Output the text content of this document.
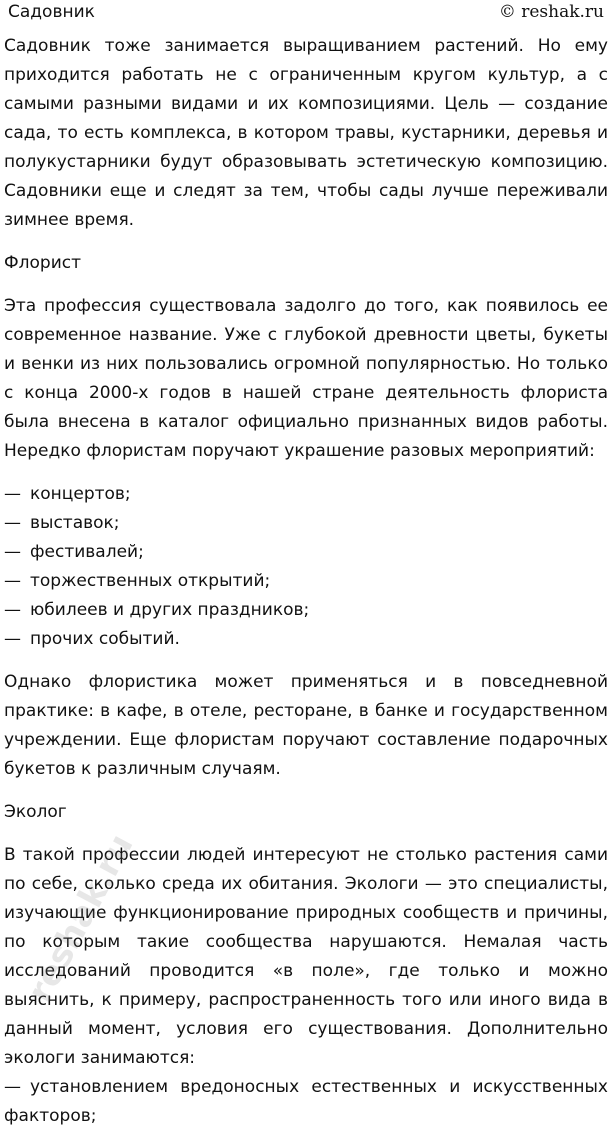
Садовник	© reshak.ru

Садовник тоже занимается выращиванием растений. Но ему приходится работать не с ограниченным кругом культур, а с самыми разными видами и их композициями. Цель — создание сада, то есть комплекса, в котором травы, кустарники, деревья и полукустарники будут образовывать эстетическую композицию. Садовники еще и следят за тем, чтобы сады лучше переживали зимнее время.

Флорист

Эта профессия существовала задолго до того, как появилось ее современное название. Уже с глубокой древности цветы, букеты и венки из них пользовались огромной популярностью. Но только с конца 2000-х годов в нашей стране деятельность флориста была внесена в каталог официально признанных видов работы. Нередко флористам поручают украшение разовых мероприятий:

— концертов;
— выставок;
— фестивалей;
— торжественных открытий;
— юбилеев и других праздников;
— прочих событий.

Однако флористика может применяться и в повседневной практике: в кафе, в отеле, ресторане, в банке и государственном учреждении. Еще флористам поручают составление подарочных букетов к различным случаям.

Эколог

В такой профессии людей интересуют не столько растения сами по себе, сколько среда их обитания. Экологи — это специалисты, изучающие функционирование природных сообществ и причины, по которым такие сообщества нарушаются. Немалая часть исследований проводится «в поле», где только и можно выяснить, к примеру, распространенность того или иного вида в данный момент, условия его существования. Дополнительно экологи занимаются:

— установлением вредоносных естественных и искусственных факторов;
reshak.ru
